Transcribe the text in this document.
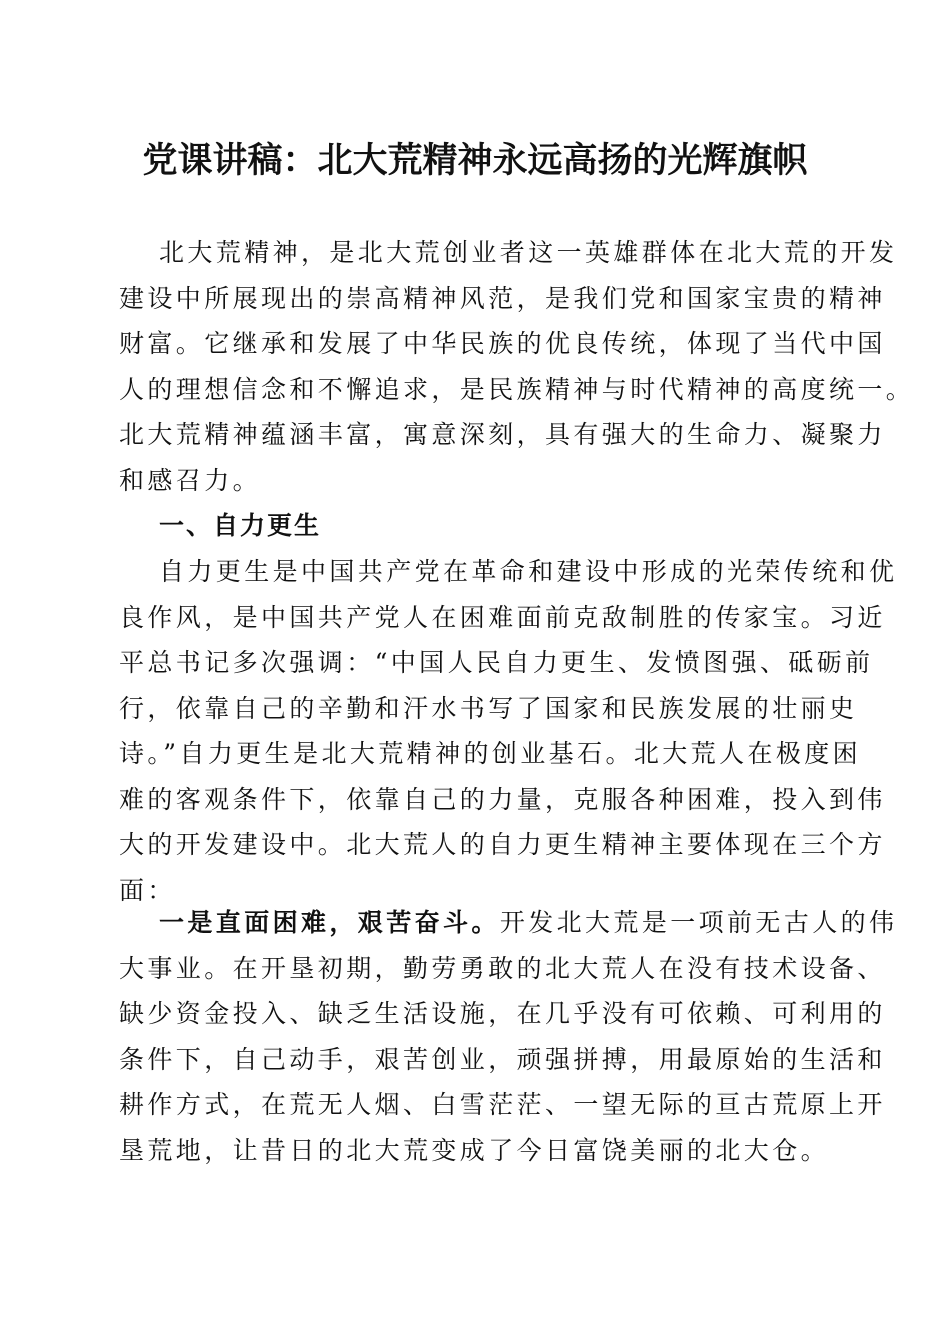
党课讲稿：北大荒精神永远高扬的光辉旗帜
北大荒精神，是北大荒创业者这一英雄群体在北大荒的开发
建设中所展现出的崇高精神风范，是我们党和国家宝贵的精神
财富。它继承和发展了中华民族的优良传统，体现了当代中国
人的理想信念和不懈追求，是民族精神与时代精神的高度统一。
北大荒精神蕴涵丰富，寓意深刻，具有强大的生命力、凝聚力
和感召力。
一、自力更生
自力更生是中国共产党在革命和建设中形成的光荣传统和优
良作风，是中国共产党人在困难面前克敌制胜的传家宝。习近
平总书记多次强调：“中国人民自力更生、发愤图强、砥砺前
行，依靠自己的辛勤和汗水书写了国家和民族发展的壮丽史
诗。”自力更生是北大荒精神的创业基石。北大荒人在极度困
难的客观条件下，依靠自己的力量，克服各种困难，投入到伟
大的开发建设中。北大荒人的自力更生精神主要体现在三个方
面：
一是直面困难，艰苦奋斗。开发北大荒是一项前无古人的伟
大事业。在开垦初期，勤劳勇敢的北大荒人在没有技术设备、
缺少资金投入、缺乏生活设施，在几乎没有可依赖、可利用的
条件下，自己动手，艰苦创业，顽强拼搏，用最原始的生活和
耕作方式，在荒无人烟、白雪茫茫、一望无际的亘古荒原上开
垦荒地，让昔日的北大荒变成了今日富饶美丽的北大仓。
